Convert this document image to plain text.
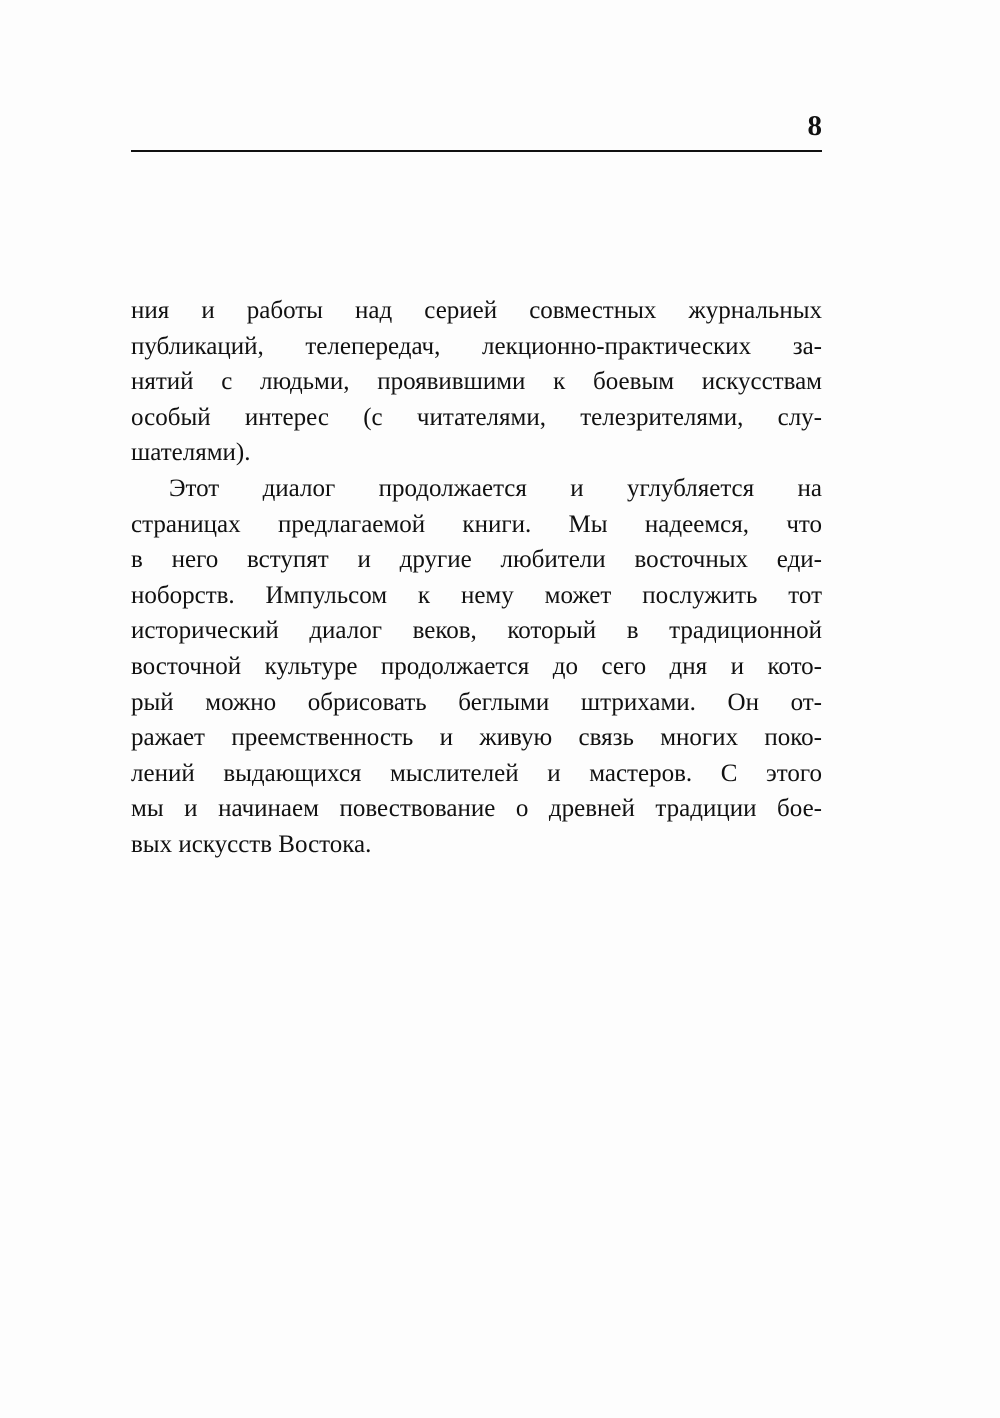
8
ния и работы над серией совместных журнальных
публикаций, телепередач, лекционно-практических за-
нятий с людьми, проявившими к боевым искусствам
особый интерес (с читателями, телезрителями, слу-
шателями).
Этот диалог продолжается и углубляется на
страницах предлагаемой книги. Мы надеемся, что
в него вступят и другие любители восточных еди-
ноборств. Импульсом к нему может послужить тот
исторический диалог веков, который в традиционной
восточной культуре продолжается до сего дня и кото-
рый можно обрисовать беглыми штрихами. Он от-
ражает преемственность и живую связь многих поко-
лений выдающихся мыслителей и мастеров. С этого
мы и начинаем повествование о древней традиции бое-
вых искусств Востока.
